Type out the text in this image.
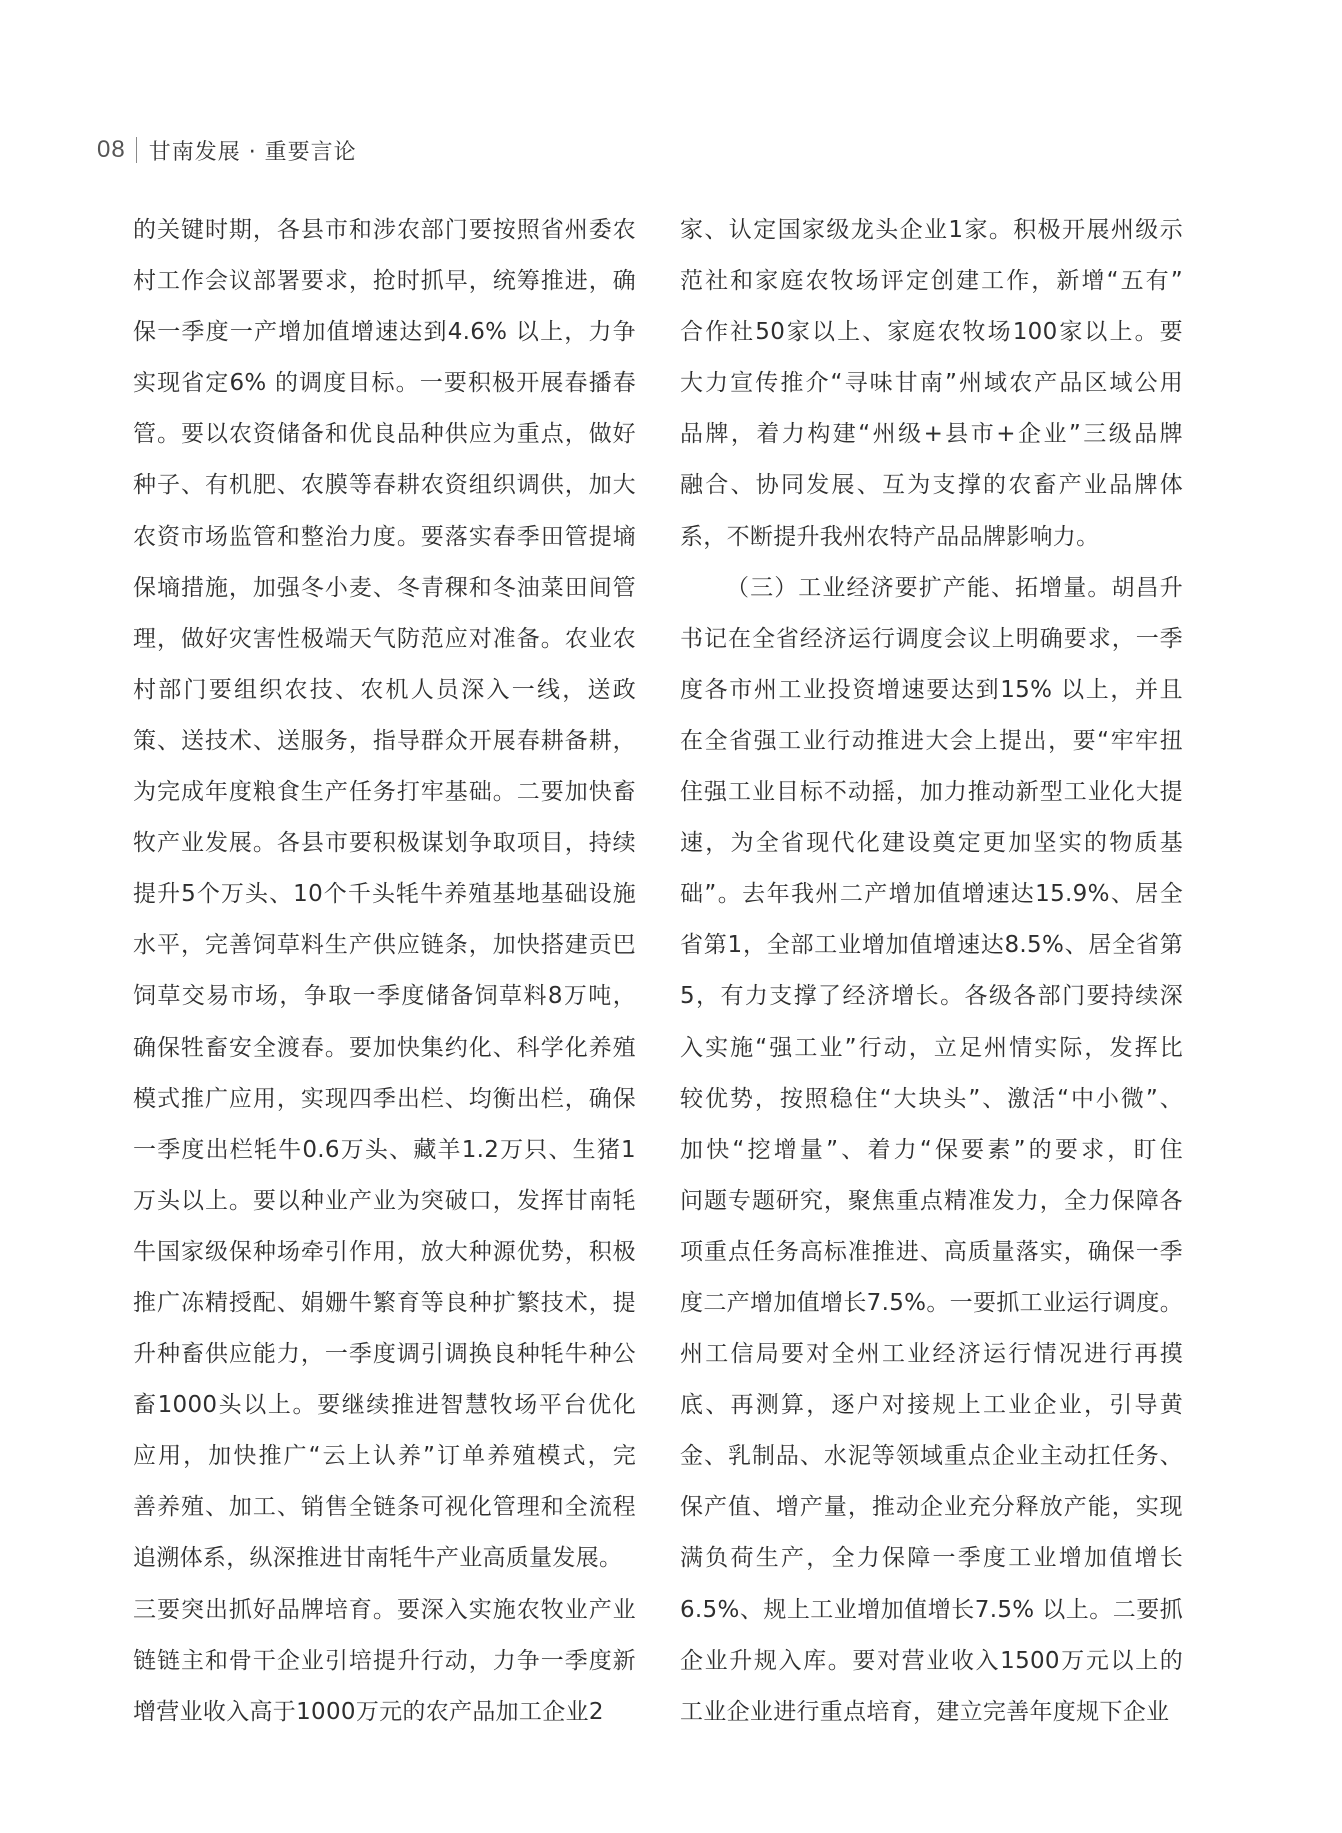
08 甘南发展 · 重要言论
的关键时期，各县市和涉农部门要按照省州委农
村工作会议部署要求，抢时抓早，统筹推进，确
保一季度一产增加值增速达到4.6% 以上，力争
实现省定6% 的调度目标。一要积极开展春播春
管。要以农资储备和优良品种供应为重点，做好
种子、有机肥、农膜等春耕农资组织调供，加大
农资市场监管和整治力度。要落实春季田管提墒
保墒措施，加强冬小麦、冬青稞和冬油菜田间管
理，做好灾害性极端天气防范应对准备。农业农
村部门要组织农技、农机人员深入一线，送政
策、送技术、送服务，指导群众开展春耕备耕，
为完成年度粮食生产任务打牢基础。二要加快畜
牧产业发展。各县市要积极谋划争取项目，持续
提升5个万头、10个千头牦牛养殖基地基础设施
水平，完善饲草料生产供应链条，加快搭建贡巴
饲草交易市场，争取一季度储备饲草料8万吨，
确保牲畜安全渡春。要加快集约化、科学化养殖
模式推广应用，实现四季出栏、均衡出栏，确保
一季度出栏牦牛0.6万头、藏羊1.2万只、生猪1
万头以上。要以种业产业为突破口，发挥甘南牦
牛国家级保种场牵引作用，放大种源优势，积极
推广冻精授配、娟姗牛繁育等良种扩繁技术，提
升种畜供应能力，一季度调引调换良种牦牛种公
畜1000头以上。要继续推进智慧牧场平台优化
应用，加快推广“云上认养”订单养殖模式，完
善养殖、加工、销售全链条可视化管理和全流程
追溯体系，纵深推进甘南牦牛产业高质量发展。
三要突出抓好品牌培育。要深入实施农牧业产业
链链主和骨干企业引培提升行动，力争一季度新
增营业收入高于1000万元的农产品加工企业2
家、认定国家级龙头企业1家。积极开展州级示
范社和家庭农牧场评定创建工作，新增“五有”
合作社50家以上、家庭农牧场100家以上。要
大力宣传推介“寻味甘南”州域农产品区域公用
品牌，着力构建“州级+县市+企业”三级品牌
融合、协同发展、互为支撑的农畜产业品牌体
系，不断提升我州农特产品品牌影响力。
（三）工业经济要扩产能、拓增量。胡昌升
书记在全省经济运行调度会议上明确要求，一季
度各市州工业投资增速要达到15% 以上，并且
在全省强工业行动推进大会上提出，要“牢牢扭
住强工业目标不动摇，加力推动新型工业化大提
速，为全省现代化建设奠定更加坚实的物质基
础”。去年我州二产增加值增速达15.9%、居全
省第1，全部工业增加值增速达8.5%、居全省第
5，有力支撑了经济增长。各级各部门要持续深
入实施“强工业”行动，立足州情实际，发挥比
较优势，按照稳住“大块头”、激活“中小微”、
加快“挖增量”、着力“保要素”的要求，盯住
问题专题研究，聚焦重点精准发力，全力保障各
项重点任务高标准推进、高质量落实，确保一季
度二产增加值增长7.5%。一要抓工业运行调度。
州工信局要对全州工业经济运行情况进行再摸
底、再测算，逐户对接规上工业企业，引导黄
金、乳制品、水泥等领域重点企业主动扛任务、
保产值、增产量，推动企业充分释放产能，实现
满负荷生产，全力保障一季度工业增加值增长
6.5%、规上工业增加值增长7.5% 以上。二要抓
企业升规入库。要对营业收入1500万元以上的
工业企业进行重点培育，建立完善年度规下企业
